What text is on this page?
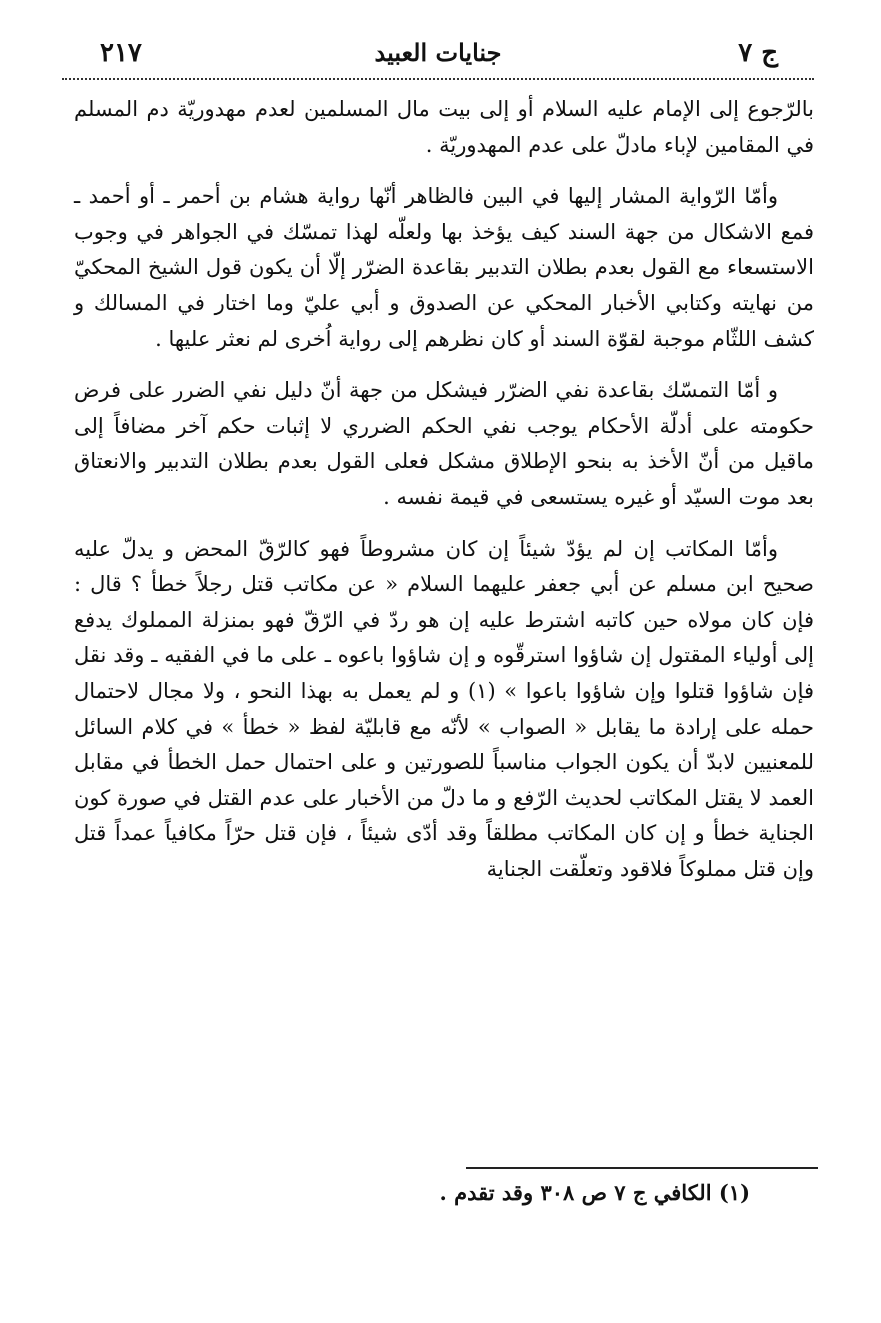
٢١٧	جنايات العبيد	ج ٧

بالرّجوع إلى الإمام عليه السلام أو إلى بيت مال المسلمين لعدم مهدوريّة دم المسلم في المقامين لإباء مادلّ على عدم المهدوريّة .

وأمّا الرّواية المشار إليها في البين فالظاهر أنّها رواية هشام بن أحمر ـ أو أحمد ـ فمع الاشكال من جهة السند كيف يؤخذ بها ولعلّه لهذا تمسّك في الجواهر في وجوب الاستسعاء مع القول بعدم بطلان التدبير بقاعدة الضرّر إلّا أن يكون قول الشيخ المحكيّ من نهايته وكتابي الأخبار المحكي عن الصدوق و أبي عليّ وما اختار في المسالك و كشف اللثّام موجبة لقوّة السند أو كان نظرهم إلى رواية اُخرى لم نعثر عليها .

و أمّا التمسّك بقاعدة نفي الضرّر فيشكل من جهة أنّ دليل نفي الضرر على فرض حكومته على أدلّة الأحكام يوجب نفي الحكم الضرري لا إثبات حكم آخر مضافاً إلى ماقيل من أنّ الأخذ به بنحو الإطلاق مشكل فعلى القول بعدم بطلان التدبير والانعتاق بعد موت السيّد أو غيره يستسعى في قيمة نفسه .

وأمّا المكاتب إن لم يؤدّ شيئاً إن كان مشروطاً فهو كالرّقّ المحض و يدلّ عليه صحيح ابن مسلم عن أبي جعفر عليهما السلام « عن مكاتب قتل رجلاً خطأ ؟ قال : فإن كان مولاه حين كاتبه اشترط عليه إن هو ردّ في الرّقّ فهو بمنزلة المملوك يدفع إلى أولياء المقتول إن شاؤوا استرقّوه و إن شاؤوا باعوه ـ على ما في الفقيه ـ وقد نقل فإن شاؤوا قتلوا وإن شاؤوا باعوا » (١) و لم يعمل به بهذا النحو ، ولا مجال لاحتمال حمله على إرادة ما يقابل « الصواب » لأنّه مع قابليّة لفظ « خطأ » في كلام السائل للمعنيين لابدّ أن يكون الجواب مناسباً للصورتين و على احتمال حمل الخطأ في مقابل العمد لا يقتل المكاتب لحديث الرّفع و ما دلّ من الأخبار على عدم القتل في صورة كون الجناية خطأ و إن كان المكاتب مطلقاً وقد أدّى شيئاً ، فإن قتل حرّاً مكافياً عمداً قتل وإن قتل مملوكاً فلاقود وتعلّقت الجناية

(١) الكافي ج ٧ ص ٣٠٨ وقد تقدم .
